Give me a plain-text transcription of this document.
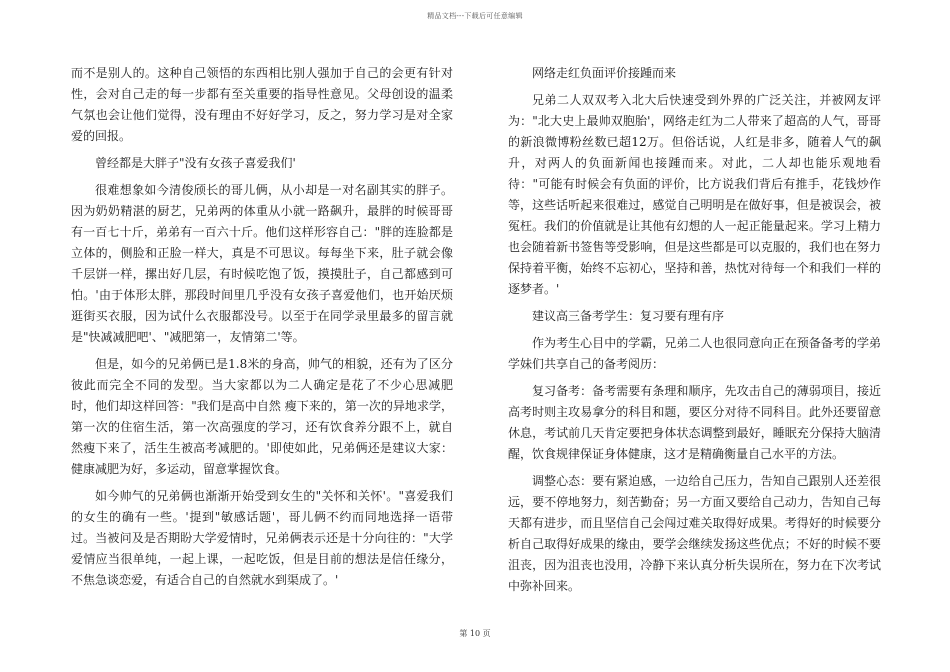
精品文档---下载后可任意编辑

而不是别人的。这种自己领悟的东西相比别人强加于自己的会更有针对性，会对自己走的每一步都有至关重要的指导性意见。父母创设的温柔气氛也会让他们觉得，没有理由不好好学习，反之，努力学习是对全家爱的回报。

曾经都是大胖子"没有女孩子喜爱我们'

很难想象如今清俊颀长的哥儿俩，从小却是一对名副其实的胖子。因为奶奶精湛的厨艺，兄弟两的体重从小就一路飙升，最胖的时候哥哥有一百七十斤，弟弟有一百六十斤。他们这样形容自己："胖的连脸都是立体的，侧脸和正脸一样大，真是不可思议。每每坐下来，肚子就会像千层饼一样，摞出好几层，有时候吃饱了饭，摸摸肚子，自己都感到可怕。'由于体形太胖，那段时间里几乎没有女孩子喜爱他们，也开始厌烦逛街买衣服，因为试什么衣服都没号。以至于在同学录里最多的留言就是"快减减肥吧'、"减肥第一，友情第二'等。

但是，如今的兄弟俩已是1.8米的身高，帅气的相貌，还有为了区分彼此而完全不同的发型。当大家都以为二人确定是花了不少心思减肥时，他们却这样回答："我们是高中自然 瘦下来的，第一次的异地求学，第一次的住宿生活，第一次高强度的学习，还有饮食养分跟不上，就自然瘦下来了，活生生被高考减肥的。'即使如此，兄弟俩还是建议大家：健康减肥为好，多运动，留意掌握饮食。

如今帅气的兄弟俩也渐渐开始受到女生的"关怀和关怀'。"喜爱我们的女生的确有一些。'提到"敏感话题'，哥儿俩不约而同地选择一语带过。当被问及是否期盼大学爱情时，兄弟俩表示还是十分向往的："大学爱情应当很单纯，一起上课，一起吃饭，但是目前的想法是信任缘分，不焦急谈恋爱，有适合自己的自然就水到渠成了。'

网络走红负面评价接踵而来

兄弟二人双双考入北大后快速受到外界的广泛关注，并被网友评为："北大史上最帅双胞胎'，网络走红为二人带来了超高的人气，哥哥的新浪微博粉丝数已超12万。但俗话说，人红是非多，随着人气的飙升，对两人的负面新闻也接踵而来。对此，二人却也能乐观地看待："可能有时候会有负面的评价，比方说我们背后有推手，花钱炒作等，这些话听起来很难过，感觉自己明明是在做好事，但是被误会，被冤枉。我们的价值就是让其他有幻想的人一起正能量起来。学习上精力也会随着新书签售等受影响，但是这些都是可以克服的，我们也在努力保持着平衡，始终不忘初心，坚持和善，热忱对待每一个和我们一样的逐梦者。'

建议高三备考学生：复习要有理有序

作为考生心目中的学霸，兄弟二人也很同意向正在预备备考的学弟学妹们共享自己的备考阅历：

复习备考：备考需要有条理和顺序，先攻击自己的薄弱项目，接近高考时则主攻易拿分的科目和题，要区分对待不同科目。此外还要留意休息，考试前几天肯定要把身体状态调整到最好，睡眠充分保持大脑清醒，饮食规律保证身体健康，这才是精确衡量自己水平的方法。

调整心态：要有紧迫感，一边给自己压力，告知自己跟别人还差很远，要不停地努力，刻苦勤奋；另一方面又要给自己动力，告知自己每天都有进步，而且坚信自己会闯过难关取得好成果。考得好的时候要分析自己取得好成果的缘由，要学会继续发扬这些优点；不好的时候不要沮丧，因为沮丧也没用，冷静下来认真分析失误所在，努力在下次考试中弥补回来。

第 10 页
